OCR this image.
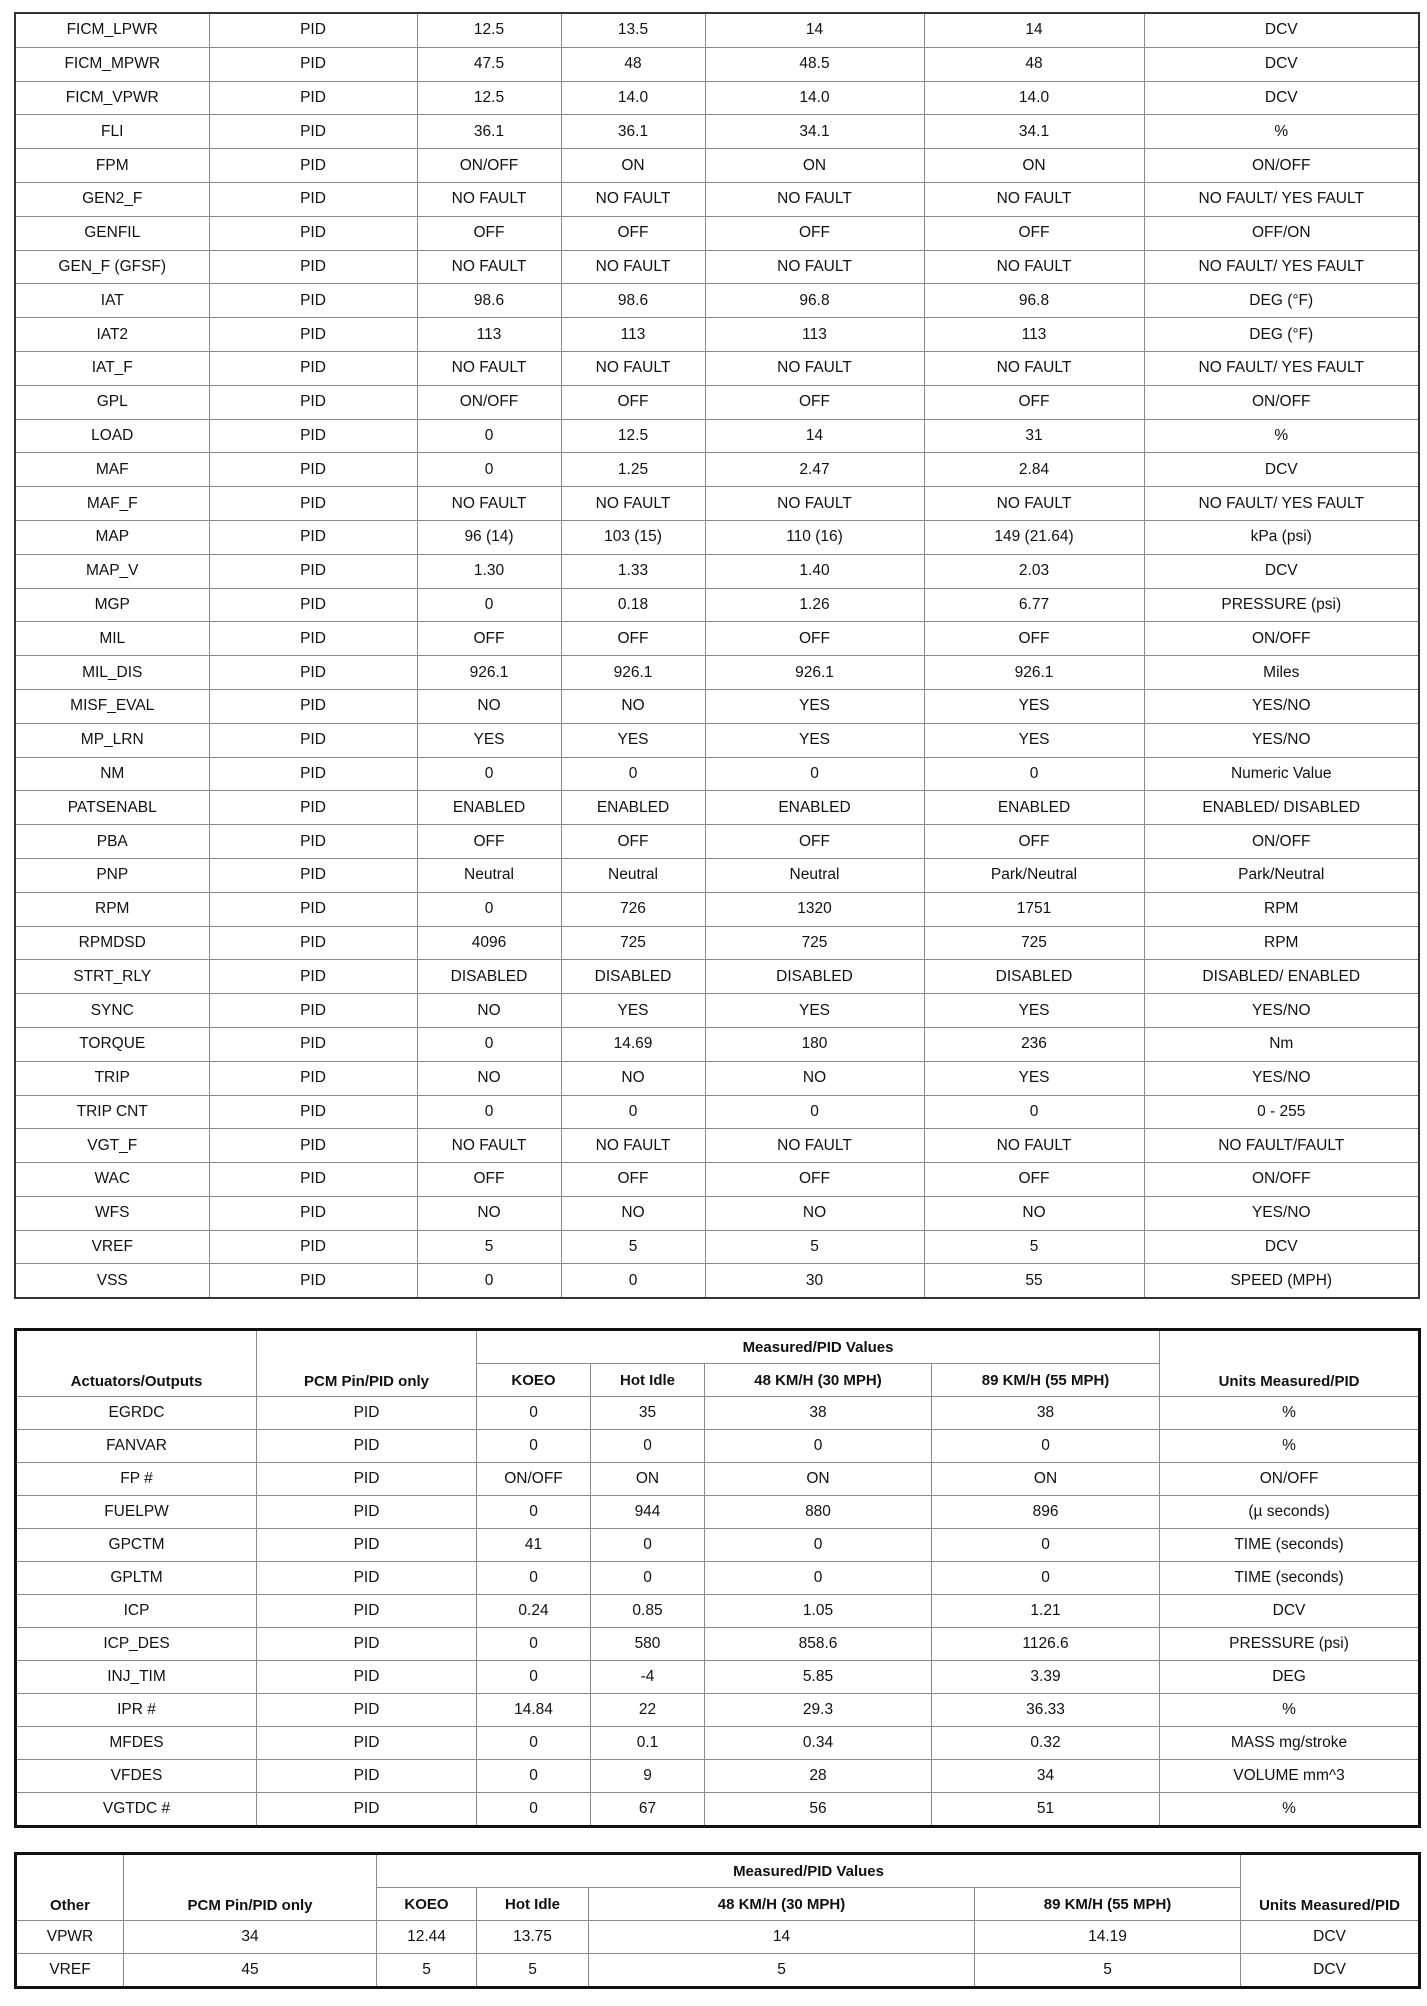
FICM_LPWR	PID	12.5	13.5	14	14	DCV
FICM_MPWR	PID	47.5	48	48.5	48	DCV
FICM_VPWR	PID	12.5	14.0	14.0	14.0	DCV
FLI	PID	36.1	36.1	34.1	34.1	%
FPM	PID	ON/OFF	ON	ON	ON	ON/OFF
GEN2_F	PID	NO FAULT	NO FAULT	NO FAULT	NO FAULT	NO FAULT/ YES FAULT
GENFIL	PID	OFF	OFF	OFF	OFF	OFF/ON
GEN_F (GFSF)	PID	NO FAULT	NO FAULT	NO FAULT	NO FAULT	NO FAULT/ YES FAULT
IAT	PID	98.6	98.6	96.8	96.8	DEG (°F)
IAT2	PID	113	113	113	113	DEG (°F)
IAT_F	PID	NO FAULT	NO FAULT	NO FAULT	NO FAULT	NO FAULT/ YES FAULT
GPL	PID	ON/OFF	OFF	OFF	OFF	ON/OFF
LOAD	PID	0	12.5	14	31	%
MAF	PID	0	1.25	2.47	2.84	DCV
MAF_F	PID	NO FAULT	NO FAULT	NO FAULT	NO FAULT	NO FAULT/ YES FAULT
MAP	PID	96 (14)	103 (15)	110 (16)	149 (21.64)	kPa (psi)
MAP_V	PID	1.30	1.33	1.40	2.03	DCV
MGP	PID	0	0.18	1.26	6.77	PRESSURE (psi)
MIL	PID	OFF	OFF	OFF	OFF	ON/OFF
MIL_DIS	PID	926.1	926.1	926.1	926.1	Miles
MISF_EVAL	PID	NO	NO	YES	YES	YES/NO
MP_LRN	PID	YES	YES	YES	YES	YES/NO
NM	PID	0	0	0	0	Numeric Value
PATSENABL	PID	ENABLED	ENABLED	ENABLED	ENABLED	ENABLED/ DISABLED
PBA	PID	OFF	OFF	OFF	OFF	ON/OFF
PNP	PID	Neutral	Neutral	Neutral	Park/Neutral	Park/Neutral
RPM	PID	0	726	1320	1751	RPM
RPMDSD	PID	4096	725	725	725	RPM
STRT_RLY	PID	DISABLED	DISABLED	DISABLED	DISABLED	DISABLED/ ENABLED
SYNC	PID	NO	YES	YES	YES	YES/NO
TORQUE	PID	0	14.69	180	236	Nm
TRIP	PID	NO	NO	NO	YES	YES/NO
TRIP CNT	PID	0	0	0	0	0 - 255
VGT_F	PID	NO FAULT	NO FAULT	NO FAULT	NO FAULT	NO FAULT/FAULT
WAC	PID	OFF	OFF	OFF	OFF	ON/OFF
WFS	PID	NO	NO	NO	NO	YES/NO
VREF	PID	5	5	5	5	DCV
VSS	PID	0	0	30	55	SPEED (MPH)
Actuators/Outputs	PCM Pin/PID only	Measured/PID Values				Units Measured/PID
		KOEO	Hot Idle	48 KM/H (30 MPH)	89 KM/H (55 MPH)	
EGRDC	PID	0	35	38	38	%
FANVAR	PID	0	0	0	0	%
FP #	PID	ON/OFF	ON	ON	ON	ON/OFF
FUELPW	PID	0	944	880	896	(µ seconds)
GPCTM	PID	41	0	0	0	TIME (seconds)
GPLTM	PID	0	0	0	0	TIME (seconds)
ICP	PID	0.24	0.85	1.05	1.21	DCV
ICP_DES	PID	0	580	858.6	1126.6	PRESSURE (psi)
INJ_TIM	PID	0	-4	5.85	3.39	DEG
IPR #	PID	14.84	22	29.3	36.33	%
MFDES	PID	0	0.1	0.34	0.32	MASS mg/stroke
VFDES	PID	0	9	28	34	VOLUME mm^3
VGTDC #	PID	0	67	56	51	%
Other	PCM Pin/PID only	Measured/PID Values				Units Measured/PID
		KOEO	Hot Idle	48 KM/H (30 MPH)	89 KM/H (55 MPH)	
VPWR	34	12.44	13.75	14	14.19	DCV
VREF	45	5	5	5	5	DCV
